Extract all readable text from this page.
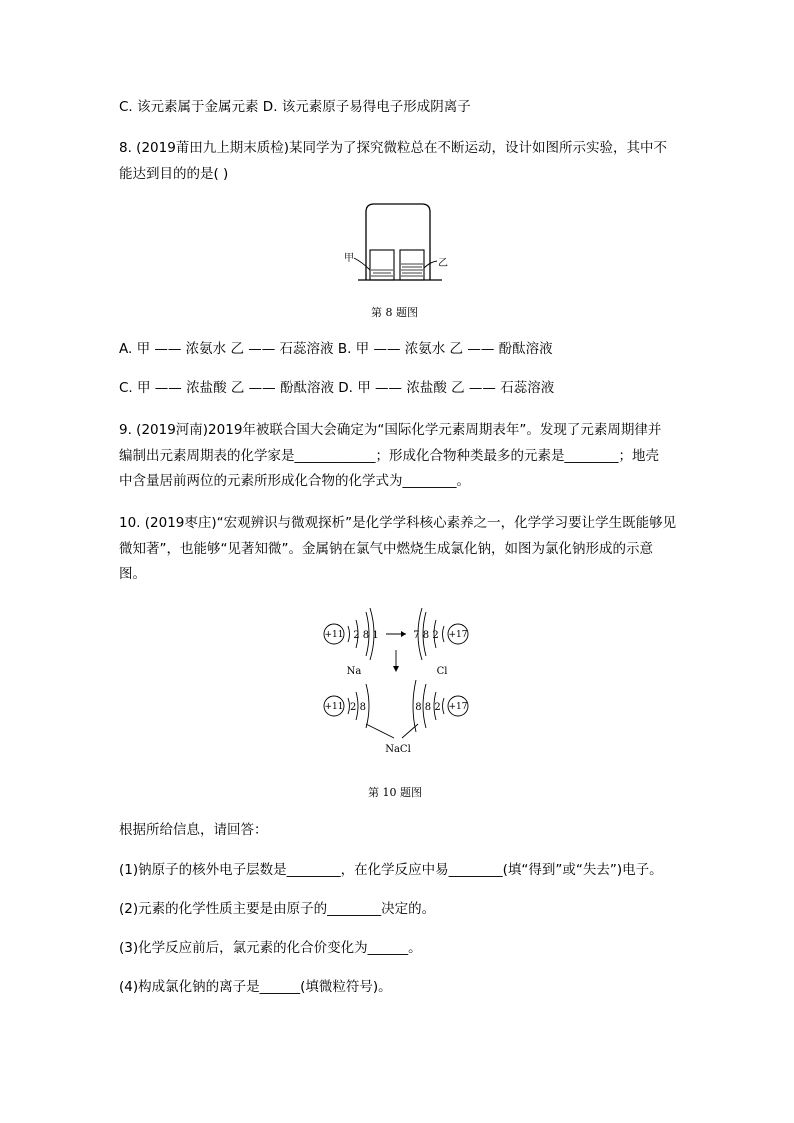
C. 该元素属于金属元素 D. 该元素原子易得电子形成阴离子
8. (2019莆田九上期末质检)某同学为了探究微粒总在不断运动，设计如图所示实验，其中不
能达到目的的是( )
甲	乙
第 8 题图
A. 甲 —— 浓氨水 乙 —— 石蕊溶液 B. 甲 —— 浓氨水 乙 —— 酚酞溶液
C. 甲 —— 浓盐酸 乙 —— 酚酞溶液 D. 甲 —— 浓盐酸 乙 —— 石蕊溶液
9. (2019河南)2019年被联合国大会确定为“国际化学元素周期表年”。发现了元素周期律并
编制出元素周期表的化学家是____________；形成化合物种类最多的元素是________；地壳
中含量居前两位的元素所形成化合物的化学式为________。
10. (2019枣庄)“宏观辨识与微观探析”是化学学科核心素养之一，化学学习要让学生既能够见
微知著”，也能够“见著知微”。金属钠在氯气中燃烧生成氯化钠，如图为氯化钠形成的示意
图。
+11 2 8 1	7 8 2 +17
Na	Cl
+11 2 8	8 8 2 +17
NaCl
第 10 题图
根据所给信息，请回答：
(1)钠原子的核外电子层数是________，在化学反应中易________(填“得到”或“失去”)电子。
(2)元素的化学性质主要是由原子的________决定的。
(3)化学反应前后，氯元素的化合价变化为______。
(4)构成氯化钠的离子是______(填微粒符号)。
